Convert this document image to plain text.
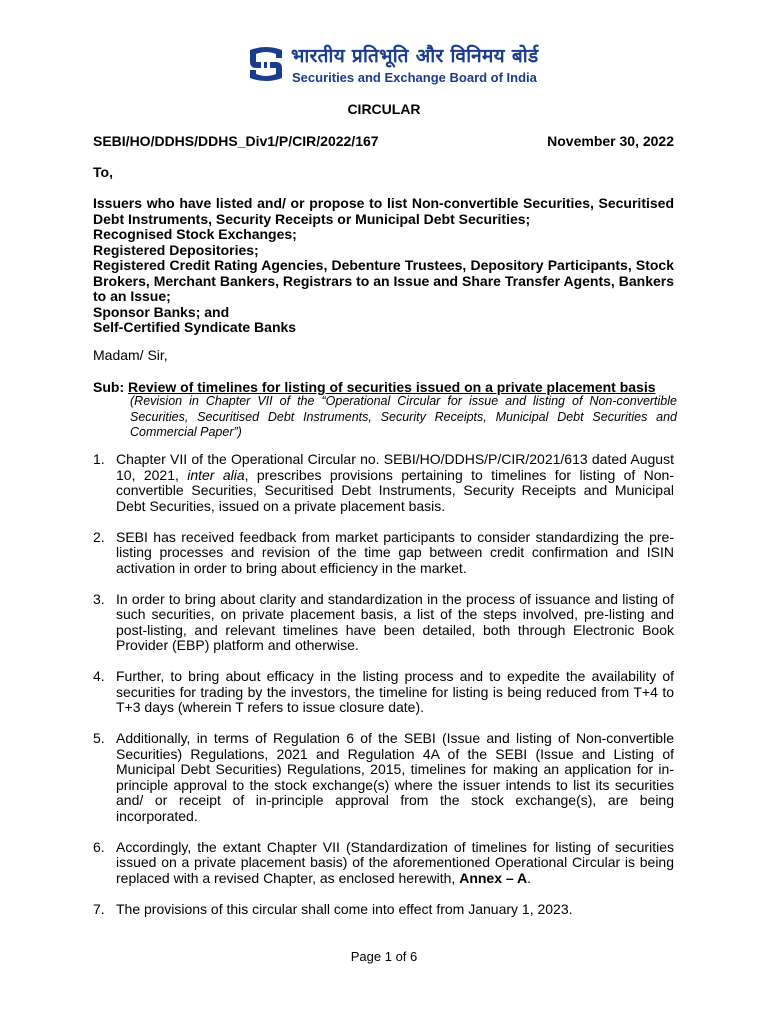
भारतीय प्रतिभूति और विनिमय बोर्ड
Securities and Exchange Board of India
CIRCULAR
SEBI/HO/DDHS/DDHS_Div1/P/CIR/2022/167	November 30, 2022
To,
Issuers who have listed and/ or propose to list Non-convertible Securities, Securitised Debt Instruments, Security Receipts or Municipal Debt Securities;
Recognised Stock Exchanges;
Registered Depositories;
Registered Credit Rating Agencies, Debenture Trustees, Depository Participants, Stock Brokers, Merchant Bankers, Registrars to an Issue and Share Transfer Agents, Bankers to an Issue;
Sponsor Banks; and
Self-Certified Syndicate Banks
Madam/ Sir,
Sub: Review of timelines for listing of securities issued on a private placement basis
(Revision in Chapter VII of the “Operational Circular for issue and listing of Non-convertible Securities, Securitised Debt Instruments, Security Receipts, Municipal Debt Securities and Commercial Paper”)
1. Chapter VII of the Operational Circular no. SEBI/HO/DDHS/P/CIR/2021/613 dated August 10, 2021, inter alia, prescribes provisions pertaining to timelines for listing of Non-convertible Securities, Securitised Debt Instruments, Security Receipts and Municipal Debt Securities, issued on a private placement basis.
2. SEBI has received feedback from market participants to consider standardizing the pre-listing processes and revision of the time gap between credit confirmation and ISIN activation in order to bring about efficiency in the market.
3. In order to bring about clarity and standardization in the process of issuance and listing of such securities, on private placement basis, a list of the steps involved, pre-listing and post-listing, and relevant timelines have been detailed, both through Electronic Book Provider (EBP) platform and otherwise.
4. Further, to bring about efficacy in the listing process and to expedite the availability of securities for trading by the investors, the timeline for listing is being reduced from T+4 to T+3 days (wherein T refers to issue closure date).
5. Additionally, in terms of Regulation 6 of the SEBI (Issue and listing of Non-convertible Securities) Regulations, 2021 and Regulation 4A of the SEBI (Issue and Listing of Municipal Debt Securities) Regulations, 2015, timelines for making an application for in-principle approval to the stock exchange(s) where the issuer intends to list its securities and/ or receipt of in-principle approval from the stock exchange(s), are being incorporated.
6. Accordingly, the extant Chapter VII (Standardization of timelines for listing of securities issued on a private placement basis) of the aforementioned Operational Circular is being replaced with a revised Chapter, as enclosed herewith, Annex – A.
7. The provisions of this circular shall come into effect from January 1, 2023.
Page 1 of 6
